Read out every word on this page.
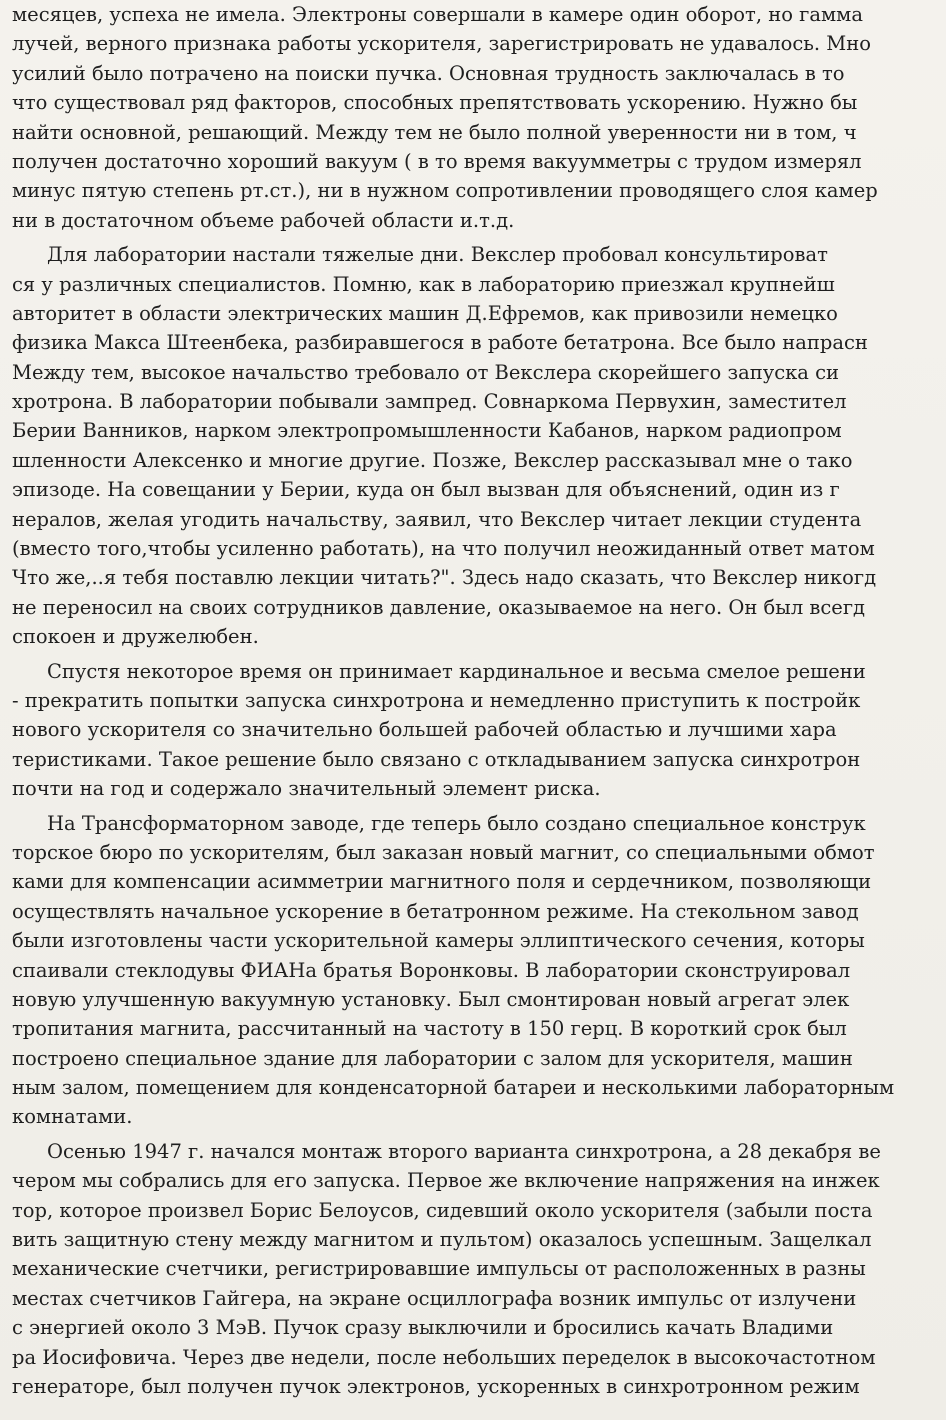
месяцев, успеха не имела. Электроны совершали в камере один оборот, но гамма
лучей, верного признака работы ускорителя, зарегистрировать не удавалось. Мно
усилий было потрачено на поиски пучка. Основная трудность заключалась в то
что существовал ряд факторов, способных препятствовать ускорению. Нужно бы
найти основной, решающий. Между тем не было полной уверенности ни в том, ч
получен достаточно хороший вакуум ( в то время вакуумметры с трудом измерял
минус пятую степень рт.ст.), ни в нужном сопротивлении проводящего слоя камер
ни в достаточном объеме рабочей области и.т.д.
Для лаборатории настали тяжелые дни. Векслер пробовал консультироват
ся у различных специалистов. Помню, как в лабораторию приезжал крупнейш
авторитет в области электрических машин Д.Ефремов, как привозили немецко
физика Макса Штеенбека, разбиравшегося в работе бетатрона. Все было напрасн
Между тем, высокое начальство требовало от Векслера скорейшего запуска си
хротрона. В лаборатории побывали зампред. Совнаркома Первухин, заместител
Берии Ванников, нарком электропромышленности Кабанов, нарком радиопром
шленности Алексенко и многие другие. Позже, Векслер рассказывал мне о тако
эпизоде. На совещании у Берии, куда он был вызван для объяснений, один из г
нералов, желая угодить начальству, заявил, что Векслер читает лекции студента
(вместо того,чтобы усиленно работать), на что получил неожиданный ответ матом
Что же,..я тебя поставлю лекции читать?". Здесь надо сказать, что Векслер никогд
не переносил на своих сотрудников давление, оказываемое на него. Он был всегд
спокоен и дружелюбен.
Спустя некоторое время он принимает кардинальное и весьма смелое решени
- прекратить попытки запуска синхротрона и немедленно приступить к постройк
нового ускорителя со значительно большей рабочей областью и лучшими хара
теристиками. Такое решение было связано с откладыванием запуска синхротрон
почти на год и содержало значительный элемент риска.
На Трансформаторном заводе, где теперь было создано специальное конструк
торское бюро по ускорителям, был заказан новый магнит, со специальными обмот
ками для компенсации асимметрии магнитного поля и сердечником, позволяющи
осуществлять начальное ускорение в бетатронном режиме. На стекольном завод
были изготовлены части ускорительной камеры эллиптического сечения, которы
спаивали стеклодувы ФИАНа братья Воронковы. В лаборатории сконструировал
новую улучшенную вакуумную установку. Был смонтирован новый агрегат элек
тропитания магнита, рассчитанный на частоту в 150 герц. В короткий срок был
построено специальное здание для лаборатории с залом для ускорителя, машин
ным залом, помещением для конденсаторной батареи и несколькими лабораторным
комнатами.
Осенью 1947 г. начался монтаж второго варианта синхротрона, а 28 декабря ве
чером мы собрались для его запуска. Первое же включение напряжения на инжек
тор, которое произвел Борис Белоусов, сидевший около ускорителя (забыли поста
вить защитную стену между магнитом и пультом) оказалось успешным. Защелкал
механические счетчики, регистрировавшие импульсы от расположенных в разны
местах счетчиков Гайгера, на экране осциллографа возник импульс от излучени
с энергией около 3 МэВ. Пучок сразу выключили и бросились качать Владими
ра Иосифовича. Через две недели, после небольших переделок в высокочастотном
генераторе, был получен пучок электронов, ускоренных в синхротронном режим
